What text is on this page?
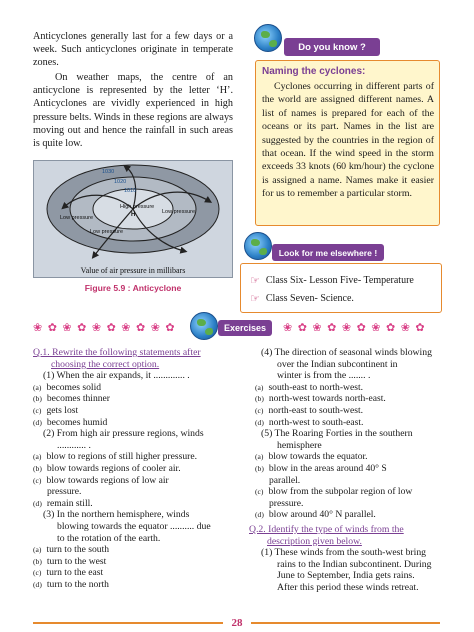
Anticyclones generally last for a few days or a week. Such anticyclones originate in temperate zones.

On weather maps, the centre of an anticyclone is represented by the letter ‘H’. Anticyclones are vividly experienced in high pressure belts. Winds in these regions are always moving out and hence the rainfall in such areas is quite low.

1030
1020
1010
High pressure
H
Low pressure
Low pressure
Low pressure
Value of air pressure in millibars
Figure 5.9 : Anticyclone
Do you know ?
Naming the cyclones:
Cyclones occurring in different parts of the world are assigned different names. A list of names is prepared for each of the oceans or its part. Names in the list are suggested by the countries in the region of that ocean. If the wind speed in the storm exceeds 33 knots (60 km/hour) the cyclone is assigned a name. Names make it easier for us to remember a particular storm.
Look for me elsewhere !
☞ Class Six- Lesson Five- Temperature
☞ Class Seven- Science.
❀ ✿ ❀ ✿ ❀ ✿ ❀ ✿ ❀ ✿	❀ ✿ ❀ ✿ ❀ ✿ ❀ ✿ ❀ ✿
Exercises
Q.1. Rewrite the following statements after
choosing the correct option.
(1) When the air expands, it ............. .
(a) becomes solid
(b) becomes thinner
(c) gets lost
(d) becomes humid
(2) From high air pressure regions, winds
............ .
(a) blow to regions of still higher pressure.
(b) blow towards regions of cooler air.
(c) blow towards regions of low air
pressure.
(d) remain still.
(3) In the northern hemisphere, winds
blowing towards the equator .......... due
to the rotation of the earth.
(a) turn to the south
(b) turn to the west
(c) turn to the east
(d) turn to the north
(4) The direction of seasonal winds blowing
over the Indian subcontinent in
winter is from the ....... .
(a) south-east to north-west.
(b) north-west towards north-east.
(c) north-east to south-west.
(d) north-west to south-east.
(5) The Roaring Forties in the southern
hemisphere
(a) blow towards the equator.
(b) blow in the areas around 40° S
parallel.
(c) blow from the subpolar region of low
pressure.
(d) blow around 40° N parallel.
Q.2. Identify the type of winds from the
description given below.
(1) These winds from the south-west bring
rains to the Indian subcontinent. During
June to September, India gets rains.
After this period these winds retreat.
28
